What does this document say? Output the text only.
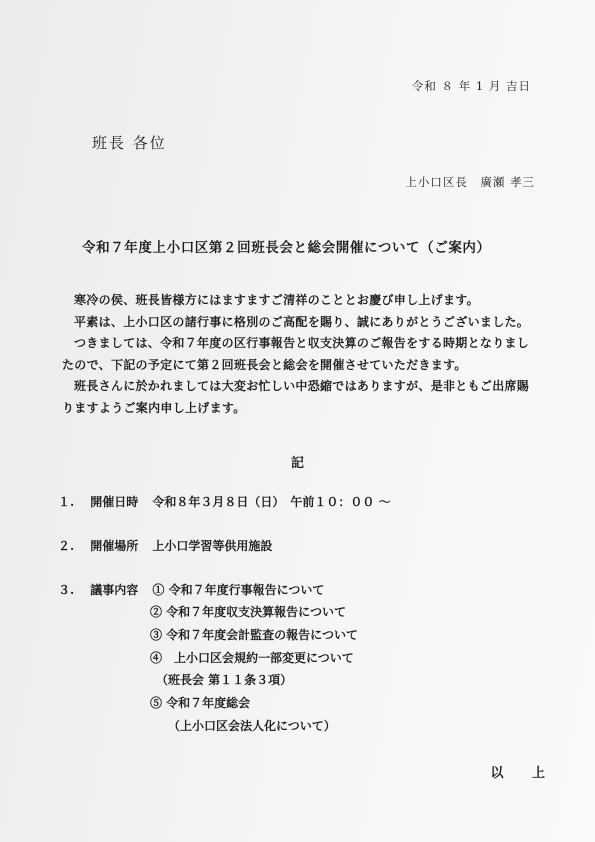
令和 ８ 年 1 月 吉日
班長 各位
上小口区長　廣瀬 孝三
令和７年度上小口区第２回班長会と総会開催について（ご案内）

寒冷の侯、班長皆様方にはますますご清祥のこととお慶び申し上げます。

平素は、上小口区の諸行事に格別のご高配を賜り、誠にありがとうございました。

つきましては、令和７年度の区行事報告と収支決算のご報告をする時期となりましたので、下記の予定にて第２回班長会と総会を開催させていただきます。

班長さんに於かれましては大変お忙しい中恐縮ではありますが、是非ともご出席賜りますようご案内申し上げます。

記
１. 開催日時 令和８年３月８日（日）　午前１０：００ ～
２. 開催場所 上小口学習等供用施設
３. 議事内容 ① 令和７年度行事報告について
② 令和７年度収支決算報告について
③ 令和７年度会計監査の報告について
④　上小口区会規約一部変更について
　（班長会 第１１条３項）
⑤ 令和７年度総会
　　（上小口区会法人化について）
以 上
